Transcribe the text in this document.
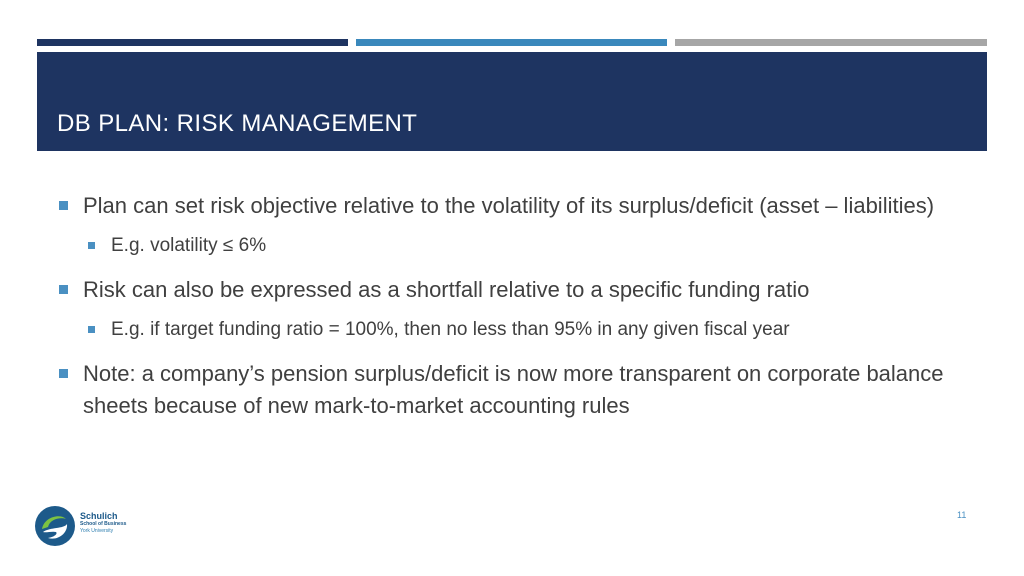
DB PLAN: RISK MANAGEMENT
Plan can set risk objective relative to the volatility of its surplus/deficit (asset – liabilities)
E.g. volatility ≤ 6%
Risk can also be expressed as a shortfall relative to a specific funding ratio
E.g. if target funding ratio = 100%, then no less than 95% in any given fiscal year
Note: a company’s pension surplus/deficit is now more transparent on corporate balance sheets because of new mark-to-market accounting rules
Schulich
School of Business
York University
11
